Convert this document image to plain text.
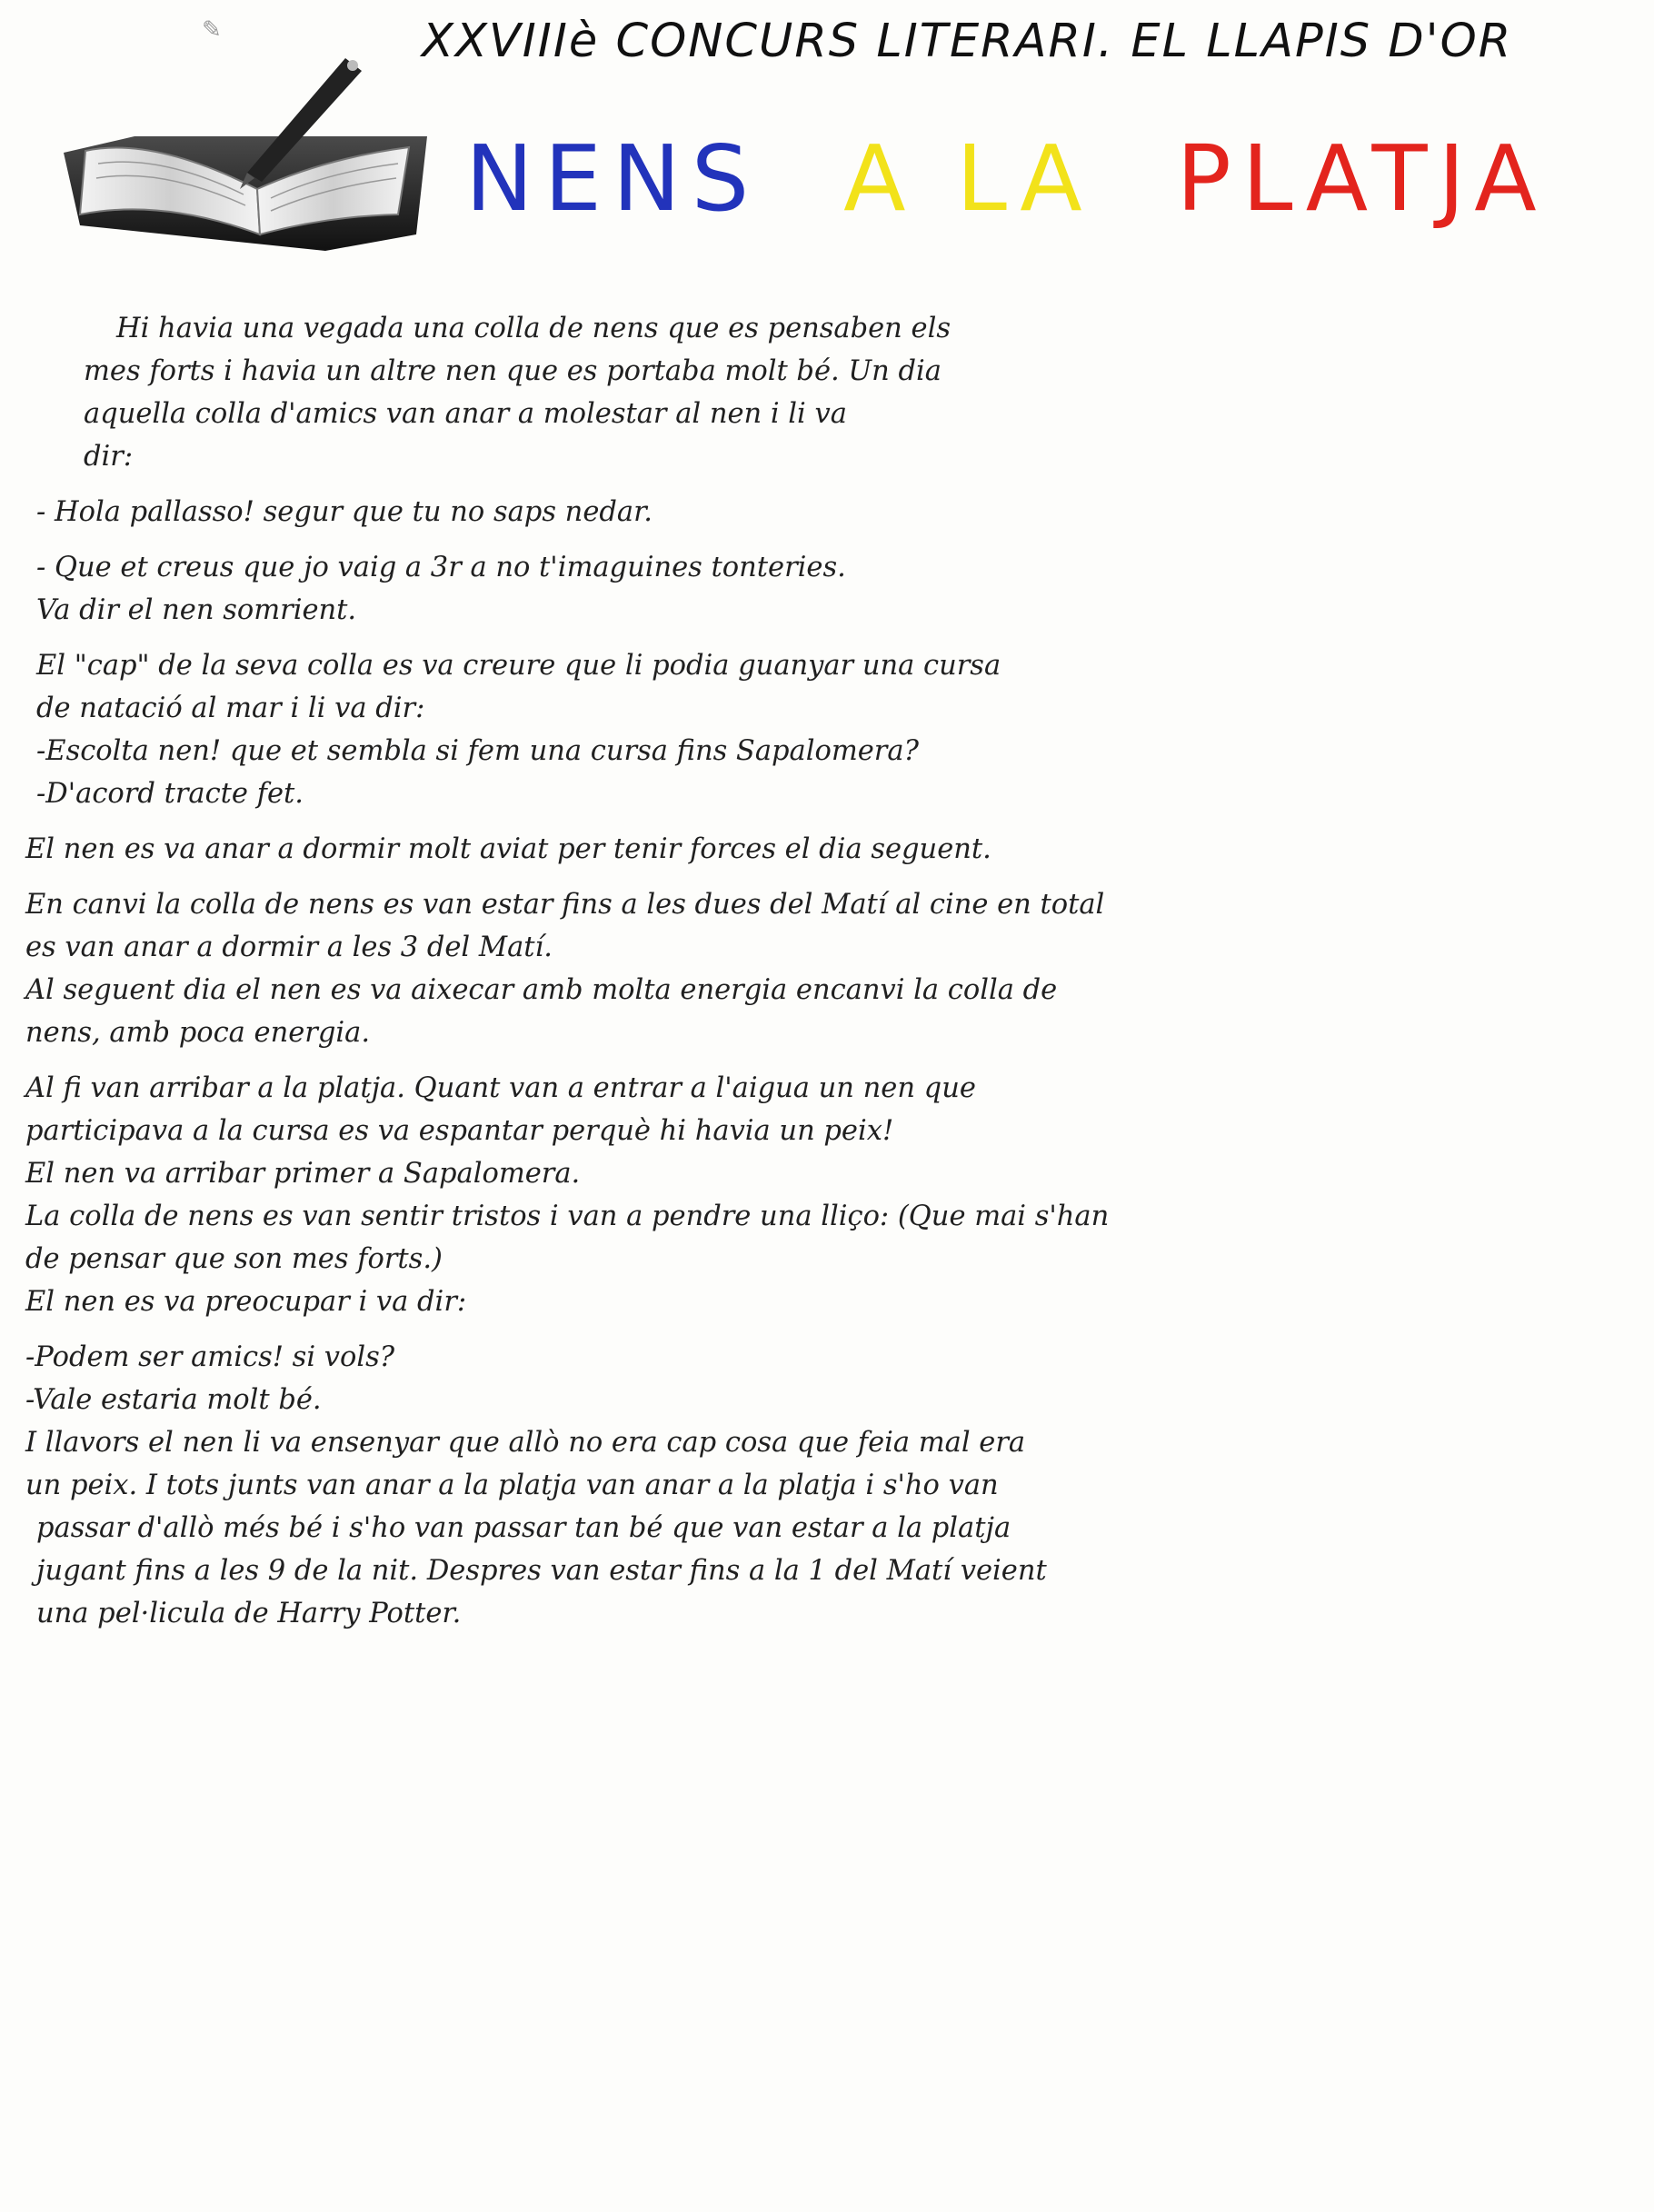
✎	XXVIIIè CONCURS LITERARI. EL LLAPIS D'OR
NENS A LA PLATJA

Hi havia una vegada una colla de nens que es pensaben els

mes forts i havia un altre nen que es portaba molt bé. Un dia

aquella colla d'amics van anar a molestar al nen i li va

dir:

- Hola pallasso! segur que tu no saps nedar.

- Que et creus que jo vaig a 3r a no t'imaguines tonteries.

Va dir el nen somrient.

El "cap" de la seva colla es va creure que li podia guanyar una cursa

de natació al mar i li va dir:

-Escolta nen! que et sembla si fem una cursa fins Sapalomera?

-D'acord tracte fet.

El nen es va anar a dormir molt aviat per tenir forces el dia seguent.

En canvi la colla de nens es van estar fins a les dues del Matí al cine en total

es van anar a dormir a les 3 del Matí.

Al seguent dia el nen es va aixecar amb molta energia encanvi la colla de

nens, amb poca energia.

Al fi van arribar a la platja. Quant van a entrar a l'aigua un nen que

participava a la cursa es va espantar perquè hi havia un peix!

El nen va arribar primer a Sapalomera.

La colla de nens es van sentir tristos i van a pendre una lliço: (Que mai s'han

de pensar que son mes forts.)

El nen es va preocupar i va dir:

-Podem ser amics! si vols?

-Vale estaria molt bé.

I llavors el nen li va ensenyar que allò no era cap cosa que feia mal era

un peix. I tots junts van anar a la platja van anar a la platja i s'ho van

passar d'allò més bé i s'ho van passar tan bé que van estar a la platja

jugant fins a les 9 de la nit. Despres van estar fins a la 1 del Matí veient

una pel·licula de Harry Potter.
